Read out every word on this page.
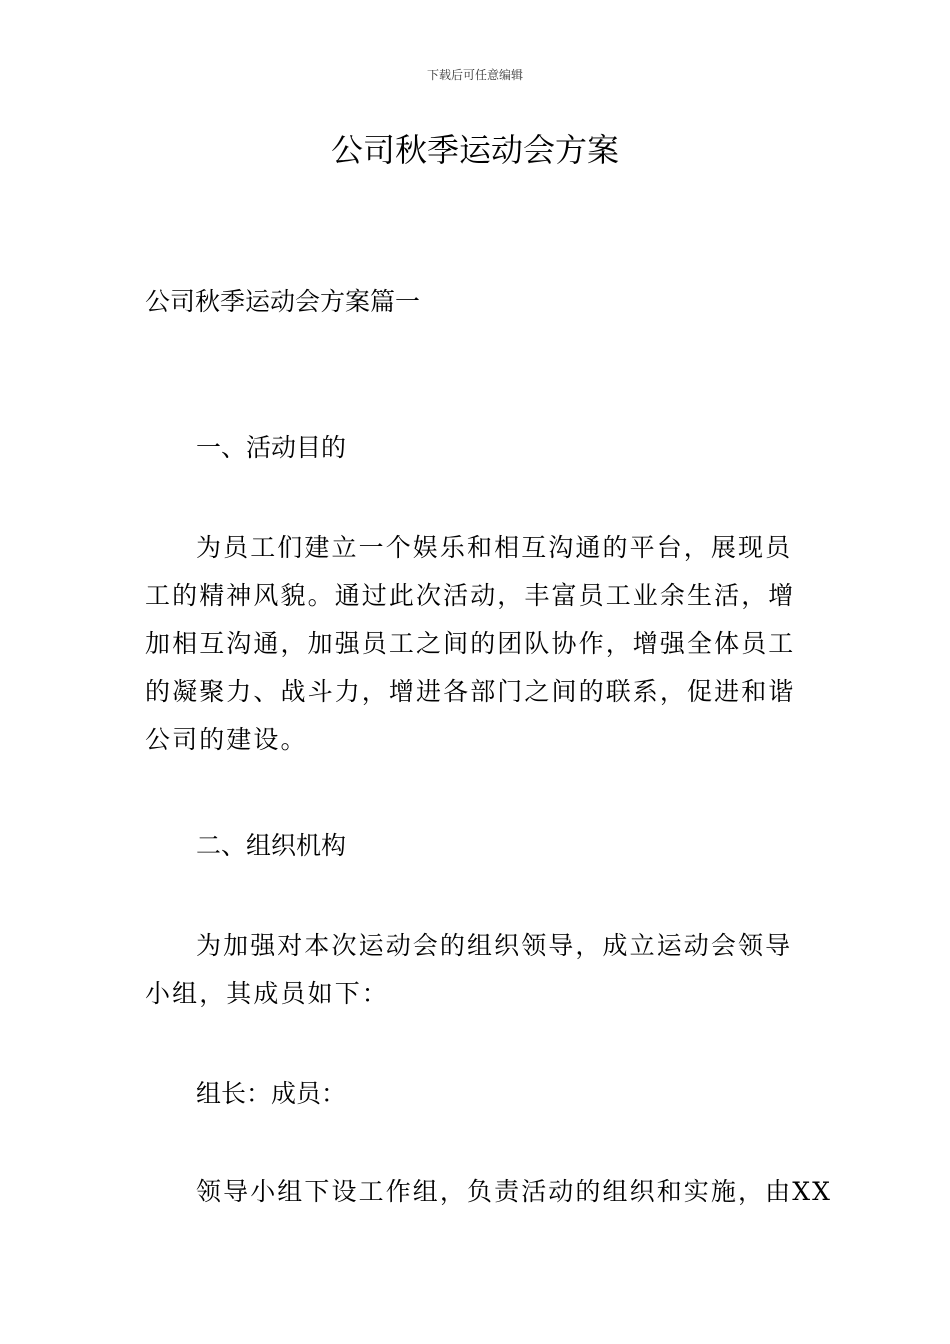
下载后可任意编辑
公司秋季运动会方案
公司秋季运动会方案篇一
一、活动目的
为员工们建立一个娱乐和相互沟通的平台，展现员工的精神风貌。通过此次活动，丰富员工业余生活，增加相互沟通，加强员工之间的团队协作，增强全体员工的凝聚力、战斗力，增进各部门之间的联系，促进和谐公司的建设。
二、组织机构
为加强对本次运动会的组织领导，成立运动会领导小组，其成员如下：
组长：成员：
领导小组下设工作组，负责活动的组织和实施，由XX
